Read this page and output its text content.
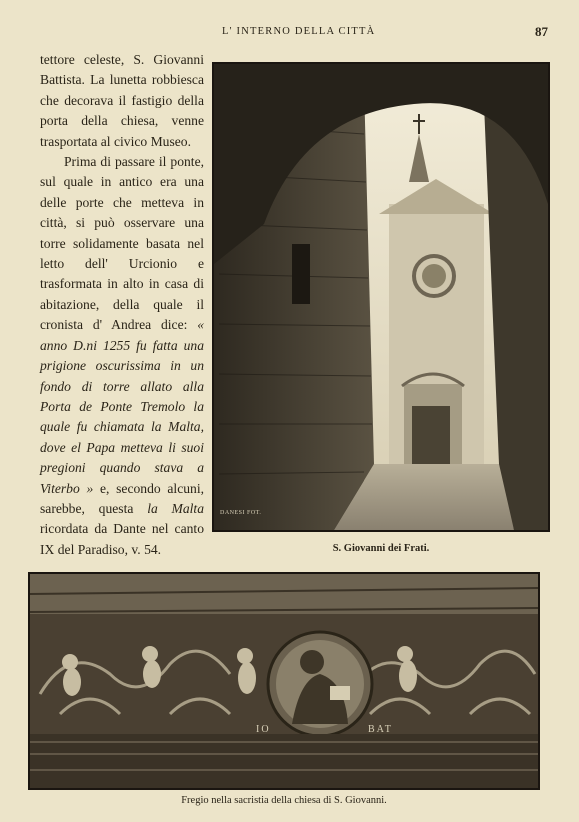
L' INTERNO DELLA CITTÀ	87

tettore celeste, S. Giovanni Battista. La lunetta robbiesca che decorava il fastigio della porta della chiesa, venne trasportata al civico Museo.

Prima di passare il ponte, sul quale in antico era una delle porte che metteva in città, si può osservare una torre solidamente basata nel letto dell' Urcionio e trasformata in alto in casa di abitazione, della quale il cronista d' Andrea dice: « anno D.ni 1255 fu fatta una prigione oscurissima in un fondo di torre allato alla Porta de Ponte Tremolo la quale fu chiamata la Malta, dove el Papa metteva li suoi pregioni quando stava a Viterbo » e, secondo alcuni, sarebbe, questa la Malta ricordata da Dante nel canto IX del Paradiso, v. 54.

DANESI FOT.
S. Giovanni dei Frati.
IO	BAT
Fregio nella sacristia della chiesa di S. Giovanni.
